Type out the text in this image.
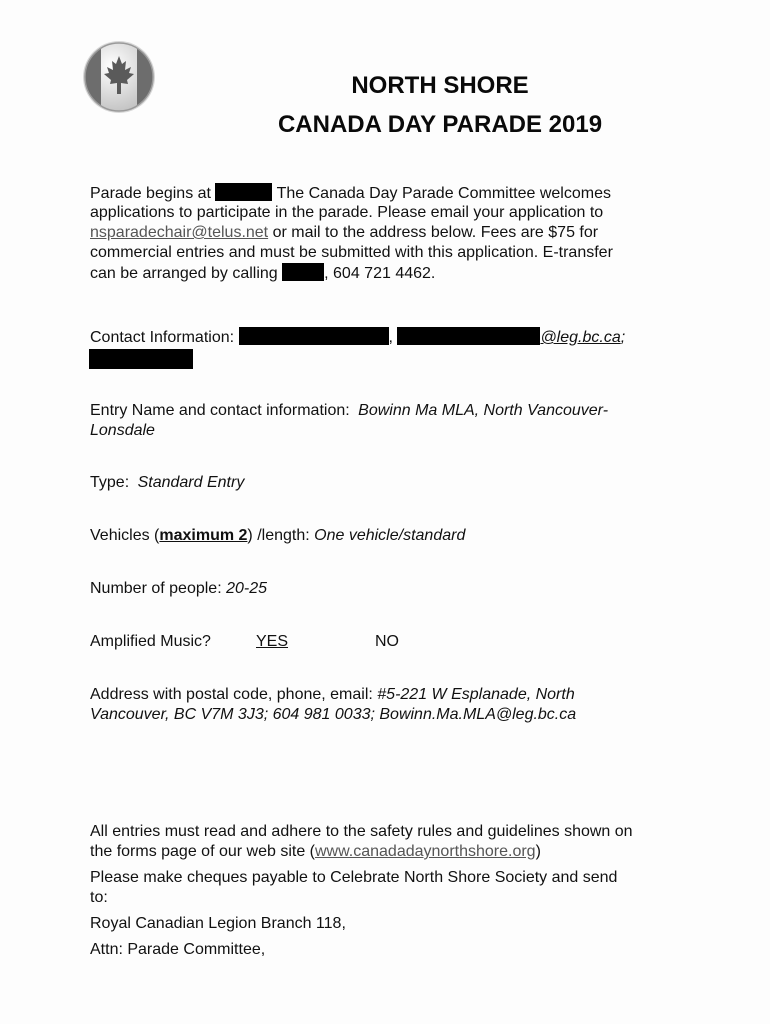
NORTH SHORE
CANADA DAY PARADE 2019
Parade begins at	The Canada Day Parade Committee welcomes
applications to participate in the parade. Please email your application to
nsparadechair@telus.net or mail to the address below. Fees are $75 for
commercial entries and must be submitted with this application. E-transfer
can be arranged by calling	, 604 721 4462.
Contact Information:	,	@leg.bc.ca;
Entry Name and contact information: Bowinn Ma MLA, North Vancouver-
Lonsdale
Type: Standard Entry
Vehicles (maximum 2) /length: One vehicle/standard
Number of people: 20-25
Amplified Music?	YES	NO
Address with postal code, phone, email: #5-221 W Esplanade, North
Vancouver, BC V7M 3J3; 604 981 0033; Bowinn.Ma.MLA@leg.bc.ca
All entries must read and adhere to the safety rules and guidelines shown on
the forms page of our web site (www.canadadaynorthshore.org)
Please make cheques payable to Celebrate North Shore Society and send
to:
Royal Canadian Legion Branch 118,
Attn: Parade Committee,
